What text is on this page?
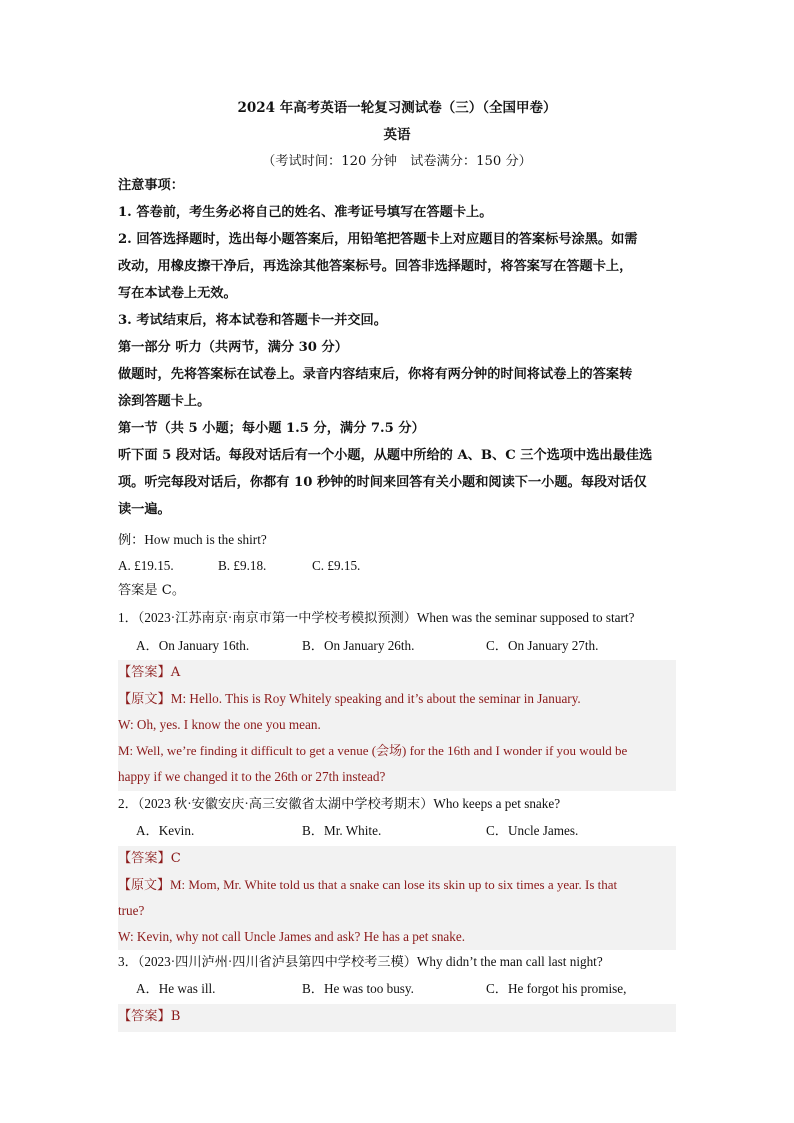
2024 年高考英语一轮复习测试卷（三）（全国甲卷）
英语
（考试时间：120 分钟　试卷满分：150 分）
注意事项：
1. 答卷前，考生务必将自己的姓名、准考证号填写在答题卡上。
2. 回答选择题时，选出每小题答案后，用铅笔把答题卡上对应题目的答案标号涂黑。如需
改动，用橡皮擦干净后，再选涂其他答案标号。回答非选择题时，将答案写在答题卡上，
写在本试卷上无效。
3. 考试结束后，将本试卷和答题卡一并交回。
第一部分 听力（共两节，满分 30 分）
做题时，先将答案标在试卷上。录音内容结束后，你将有两分钟的时间将试卷上的答案转
涂到答题卡上。
第一节（共 5 小题；每小题 1.5 分，满分 7.5 分）
听下面 5 段对话。每段对话后有一个小题，从题中所给的 A、B、C 三个选项中选出最佳选
项。听完每段对话后，你都有 10 秒钟的时间来回答有关小题和阅读下一小题。每段对话仅
读一遍。
例：How much is the shirt?
A. £19.15.	B. £9.18.	C. £9.15.
答案是 C。
1．（2023·江苏南京·南京市第一中学校考模拟预测）When was the seminar supposed to start?
A．On January 16th.	B．On January 26th.	C．On January 27th.
【答案】A
【原文】M: Hello. This is Roy Whitely speaking and it’s about the seminar in January.
W: Oh, yes. I know the one you mean.
M: Well, we’re finding it difficult to get a venue (会场) for the 16th and I wonder if you would be
happy if we changed it to the 26th or 27th instead?
2．（2023 秋·安徽安庆·高三安徽省太湖中学校考期末）Who keeps a pet snake?
A．Kevin.	B．Mr. White.	C．Uncle James.
【答案】C
【原文】M: Mom, Mr. White told us that a snake can lose its skin up to six times a year. Is that
true?
W: Kevin, why not call Uncle James and ask? He has a pet snake.
3．（2023·四川泸州·四川省泸县第四中学校考三模）Why didn’t the man call last night?
A．He was ill.	B．He was too busy.	C．He forgot his promise,
【答案】B
